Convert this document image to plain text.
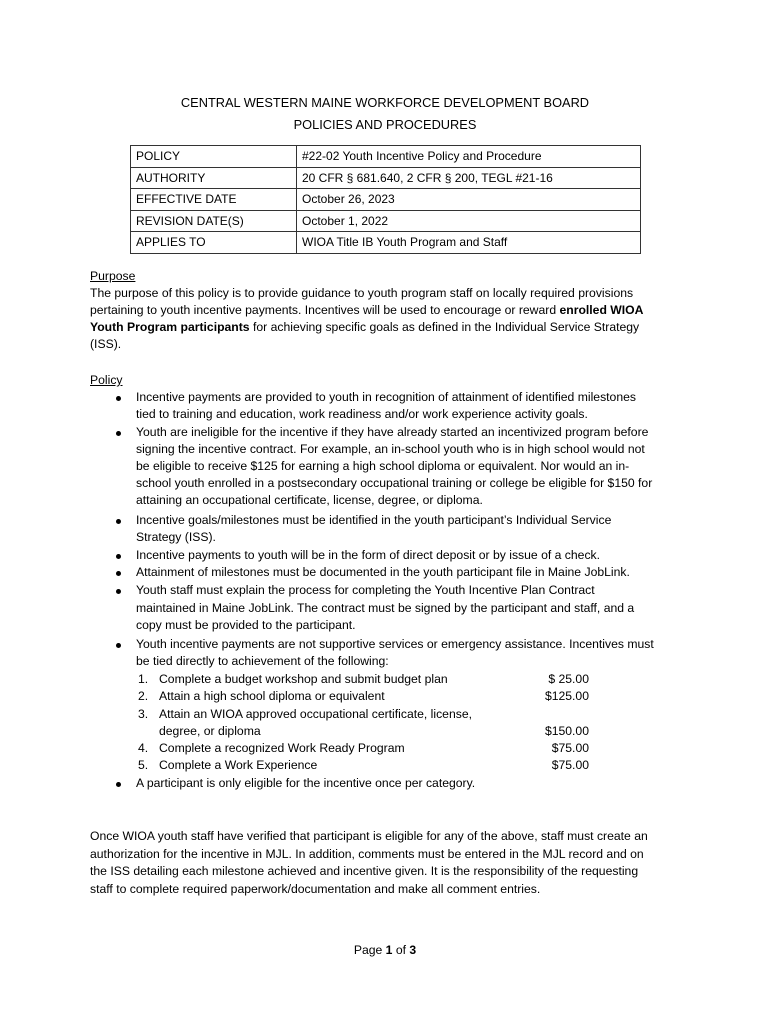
CENTRAL WESTERN MAINE WORKFORCE DEVELOPMENT BOARD
POLICIES AND PROCEDURES
POLICY	#22-02 Youth Incentive Policy and Procedure
AUTHORITY	20 CFR § 681.640, 2 CFR § 200, TEGL #21-16
EFFECTIVE DATE	October 26, 2023
REVISION DATE(S)	October 1, 2022
APPLIES TO	WIOA Title IB Youth Program and Staff
Purpose
The purpose of this policy is to provide guidance to youth program staff on locally required provisions
pertaining to youth incentive payments. Incentives will be used to encourage or reward enrolled WIOA
Youth Program participants for achieving specific goals as defined in the Individual Service Strategy
(ISS).
Policy
Incentive payments are provided to youth in recognition of attainment of identified milestones
tied to training and education, work readiness and/or work experience activity goals.
Youth are ineligible for the incentive if they have already started an incentivized program before
signing the incentive contract. For example, an in-school youth who is in high school would not
be eligible to receive $125 for earning a high school diploma or equivalent. Nor would an in-
school youth enrolled in a postsecondary occupational training or college be eligible for $150 for
attaining an occupational certificate, license, degree, or diploma.
Incentive goals/milestones must be identified in the youth participant’s Individual Service
Strategy (ISS).
Incentive payments to youth will be in the form of direct deposit or by issue of a check.
Attainment of milestones must be documented in the youth participant file in Maine JobLink.
Youth staff must explain the process for completing the Youth Incentive Plan Contract
maintained in Maine JobLink. The contract must be signed by the participant and staff, and a
copy must be provided to the participant.
Youth incentive payments are not supportive services or emergency assistance. Incentives must
be tied directly to achievement of the following:
1. Complete a budget workshop and submit budget plan	$ 25.00
2. Attain a high school diploma or equivalent	$125.00
3. Attain an WIOA approved occupational certificate, license,
degree, or diploma	$150.00
4. Complete a recognized Work Ready Program	$75.00
5. Complete a Work Experience	$75.00
A participant is only eligible for the incentive once per category.
Once WIOA youth staff have verified that participant is eligible for any of the above, staff must create an
authorization for the incentive in MJL. In addition, comments must be entered in the MJL record and on
the ISS detailing each milestone achieved and incentive given. It is the responsibility of the requesting
staff to complete required paperwork/documentation and make all comment entries.
Page 1 of 3
